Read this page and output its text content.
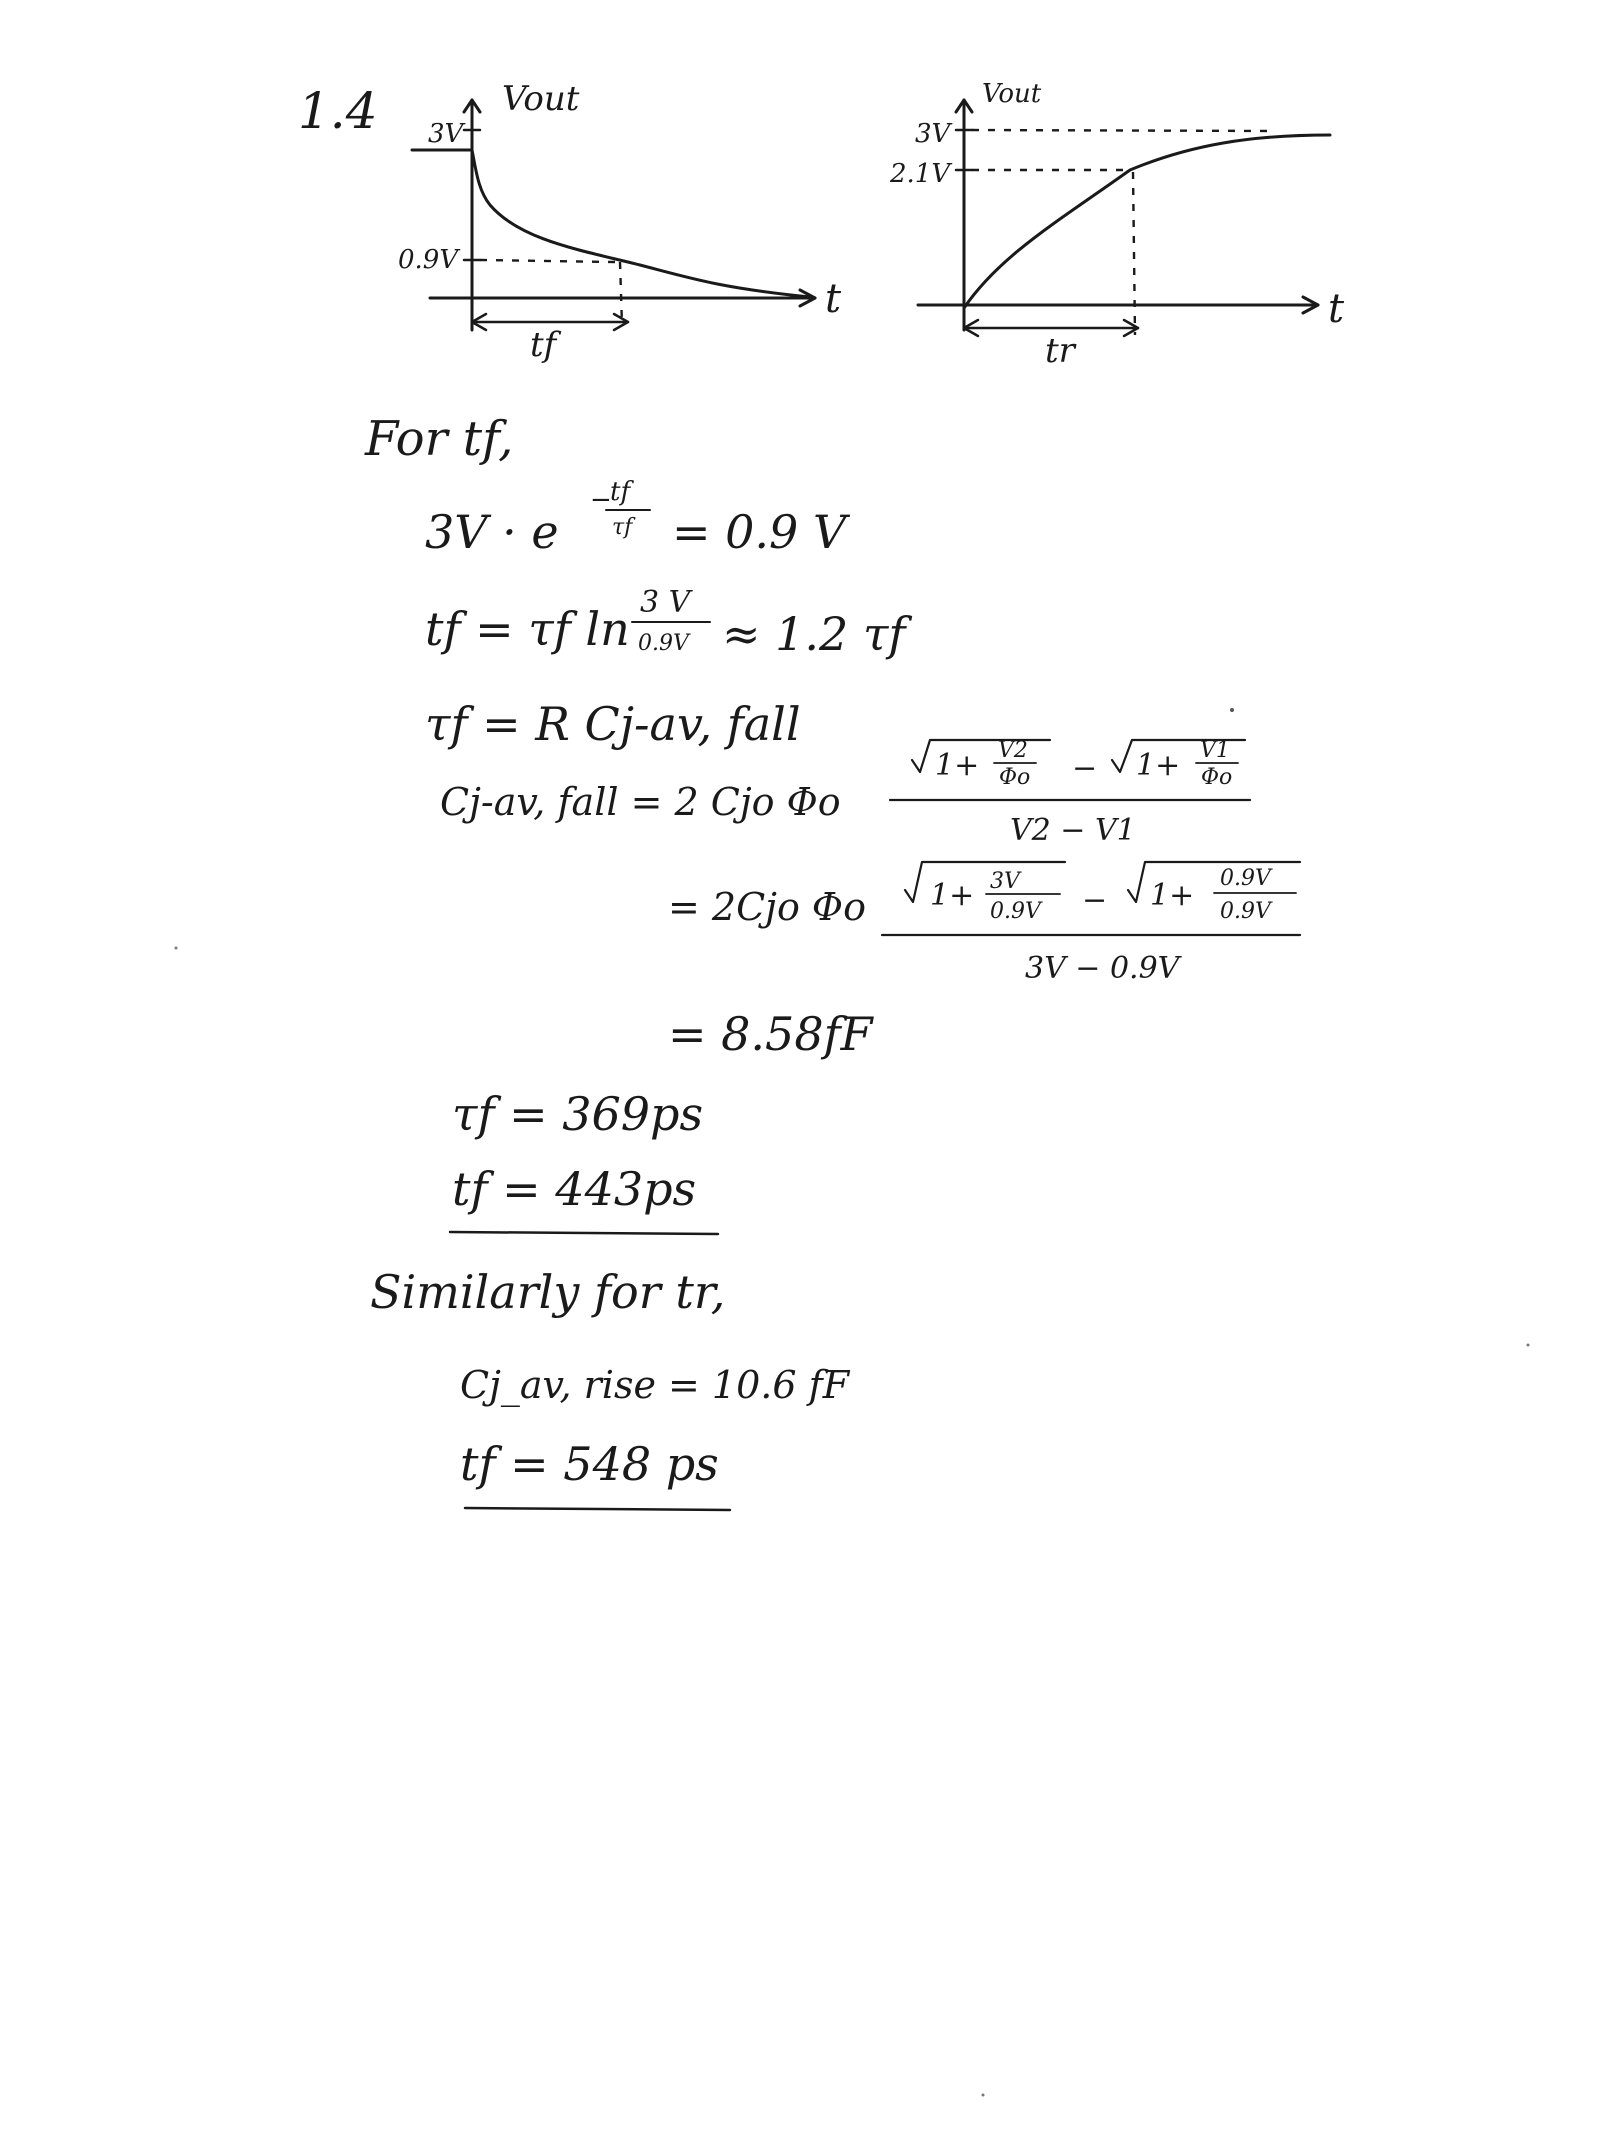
1.4	Vout
t
3V
0.9V
tf
Vout
t
3V
2.1V
tr
For tf,
3V · e
−
tf
τf = 0.9 V
tf = τf ln 3 V
0.9V ≈ 1.2 τf
τf = R Cj-av, fall
Cj-av, fall = 2 Cjo Φo
1+ V2
Φo − 1+ V1
Φo
V2 − V1
= 2Cjo Φo 1+ 3V
0.9V − 1+ 0.9V
0.9V
3V − 0.9V
= 8.58fF
τf = 369ps
tf = 443ps
Similarly for tr,
Cj_av, rise = 10.6 fF
tf = 548 ps
